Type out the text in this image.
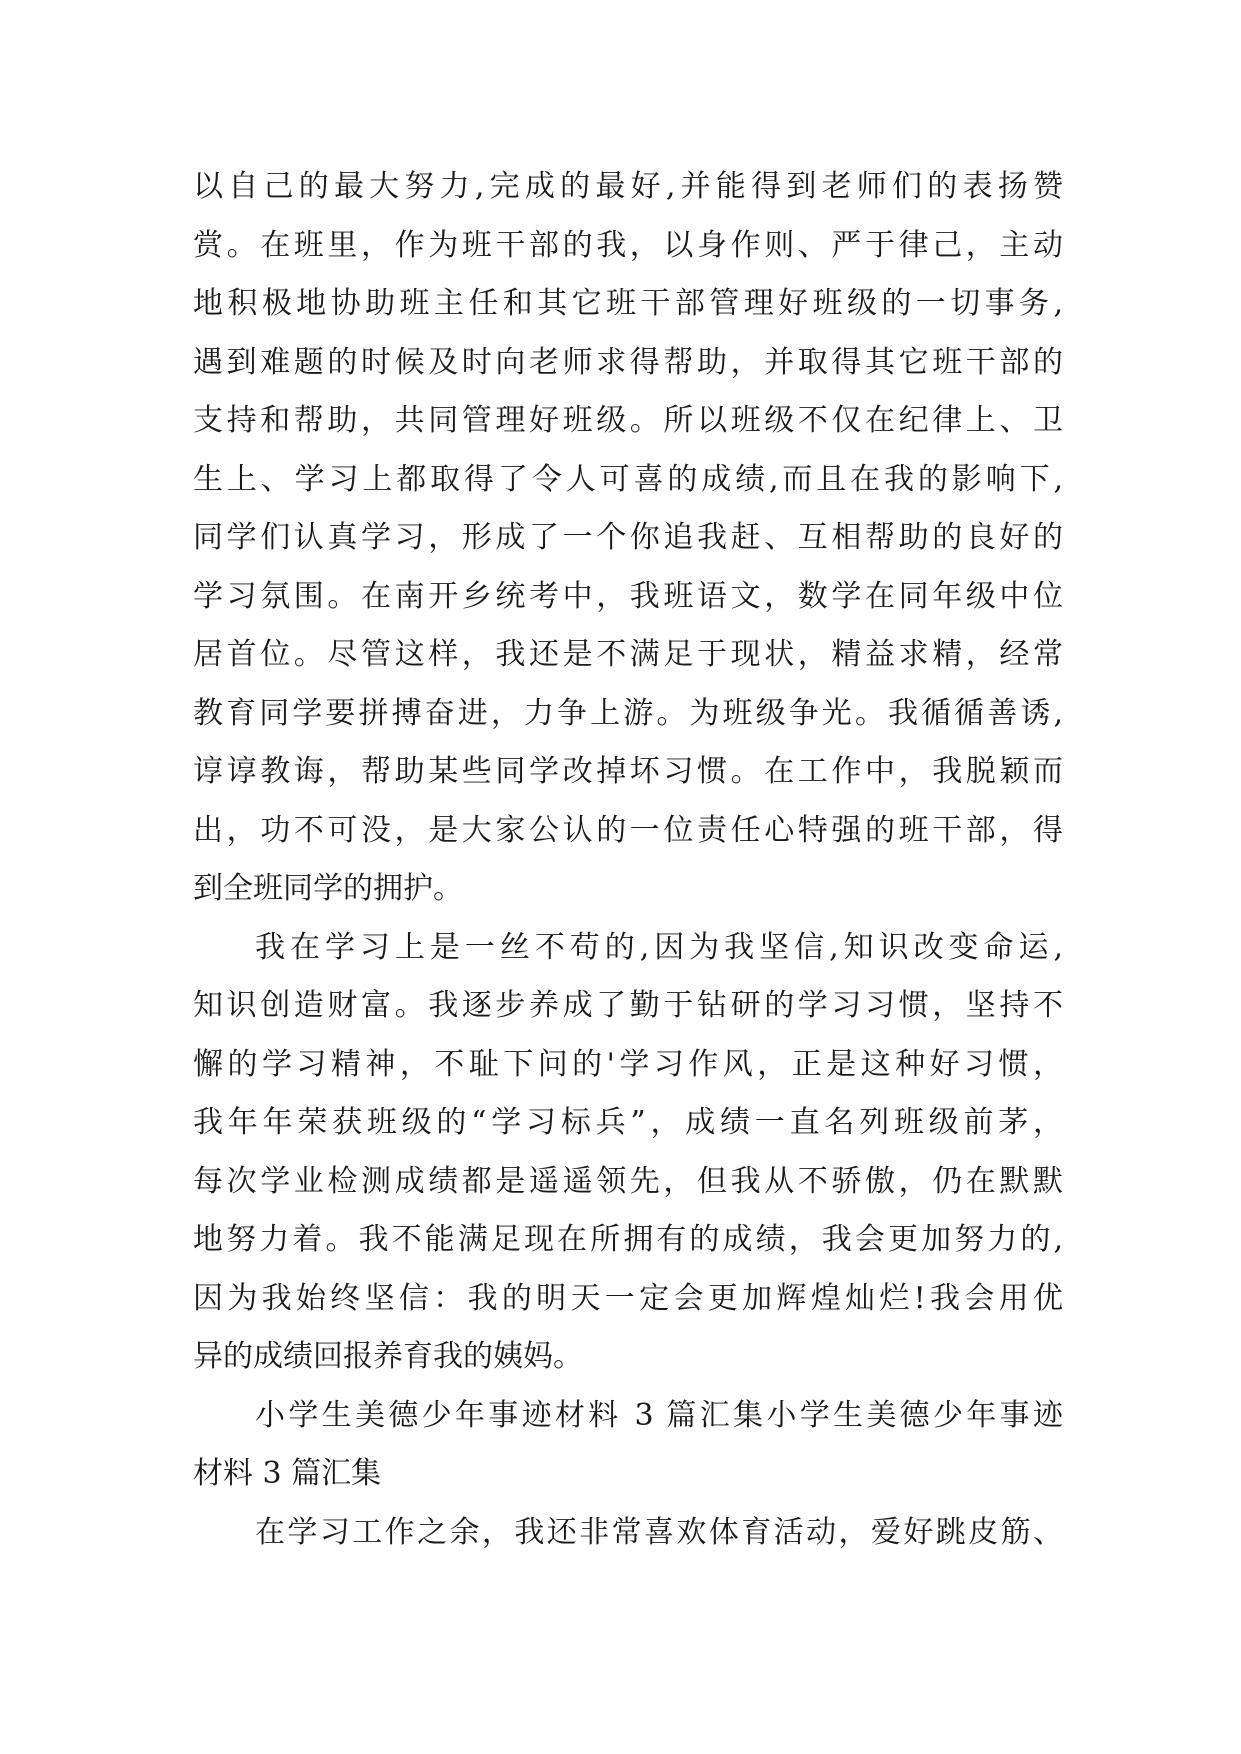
以自己的最大努力,完成的最好,并能得到老师们的表扬赞
赏。在班里，作为班干部的我，以身作则、严于律己，主动
地积极地协助班主任和其它班干部管理好班级的一切事务,
遇到难题的时候及时向老师求得帮助，并取得其它班干部的
支持和帮助，共同管理好班级。所以班级不仅在纪律上、卫
生上、学习上都取得了令人可喜的成绩,而且在我的影响下,
同学们认真学习，形成了一个你追我赶、互相帮助的良好的
学习氛围。在南开乡统考中，我班语文，数学在同年级中位
居首位。尽管这样，我还是不满足于现状，精益求精，经常
教育同学要拼搏奋进，力争上游。为班级争光。我循循善诱,
谆谆教诲，帮助某些同学改掉坏习惯。在工作中，我脱颖而
出，功不可没，是大家公认的一位责任心特强的班干部，得
到全班同学的拥护。
我在学习上是一丝不苟的,因为我坚信,知识改变命运,
知识创造财富。我逐步养成了勤于钻研的学习习惯，坚持不
懈的学习精神，不耻下问的'学习作风，正是这种好习惯，
我年年荣获班级的“学习标兵”，成绩一直名列班级前茅，
每次学业检测成绩都是遥遥领先，但我从不骄傲，仍在默默
地努力着。我不能满足现在所拥有的成绩，我会更加努力的,
因为我始终坚信：我的明天一定会更加辉煌灿烂!我会用优
异的成绩回报养育我的姨妈。
小学生美德少年事迹材料 3 篇汇集小学生美德少年事迹
材料 3 篇汇集
在学习工作之余，我还非常喜欢体育活动，爱好跳皮筋、
